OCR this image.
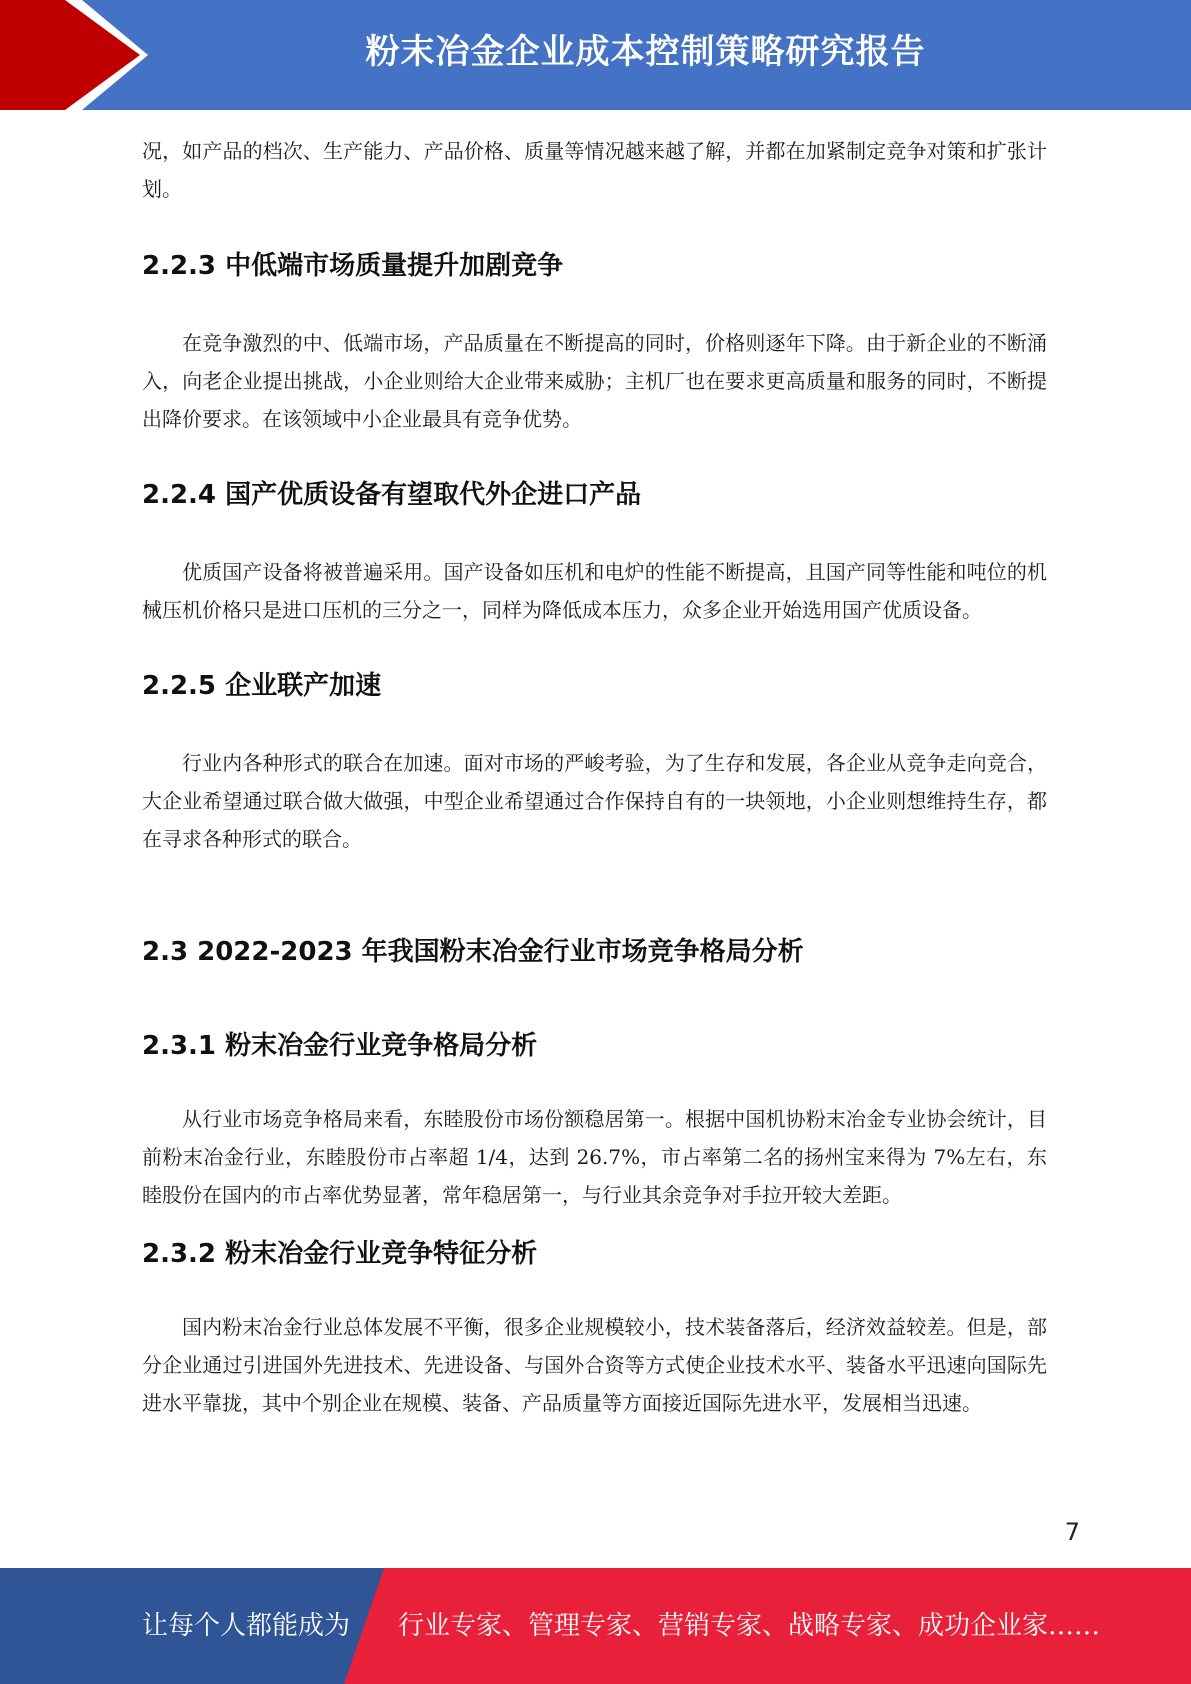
粉末冶金企业成本控制策略研究报告

况，如产品的档次、生产能力、产品价格、质量等情况越来越了解，并都在加紧制定竞争对策和扩张计划。

2.2.3 中低端市场质量提升加剧竞争

在竞争激烈的中、低端市场，产品质量在不断提高的同时，价格则逐年下降。由于新企业的不断涌入，向老企业提出挑战，小企业则给大企业带来威胁；主机厂也在要求更高质量和服务的同时，不断提出降价要求。在该领域中小企业最具有竞争优势。

2.2.4 国产优质设备有望取代外企进口产品

优质国产设备将被普遍采用。国产设备如压机和电炉的性能不断提高，且国产同等性能和吨位的机械压机价格只是进口压机的三分之一，同样为降低成本压力，众多企业开始选用国产优质设备。

2.2.5 企业联产加速

行业内各种形式的联合在加速。面对市场的严峻考验，为了生存和发展，各企业从竞争走向竞合，大企业希望通过联合做大做强，中型企业希望通过合作保持自有的一块领地，小企业则想维持生存，都在寻求各种形式的联合。

2.3 2022-2023 年我国粉末冶金行业市场竞争格局分析
2.3.1 粉末冶金行业竞争格局分析

从行业市场竞争格局来看，东睦股份市场份额稳居第一。根据中国机协粉末冶金专业协会统计，目前粉末冶金行业，东睦股份市占率超 1/4，达到 26.7%，市占率第二名的扬州宝来得为 7%左右，东睦股份在国内的市占率优势显著，常年稳居第一，与行业其余竞争对手拉开较大差距。

2.3.2 粉末冶金行业竞争特征分析

国内粉末冶金行业总体发展不平衡，很多企业规模较小，技术装备落后，经济效益较差。但是，部分企业通过引进国外先进技术、先进设备、与国外合资等方式使企业技术水平、装备水平迅速向国际先进水平靠拢，其中个别企业在规模、装备、产品质量等方面接近国际先进水平，发展相当迅速。

7
让每个人都能成为 行业专家、管理专家、营销专家、战略专家、成功企业家……
